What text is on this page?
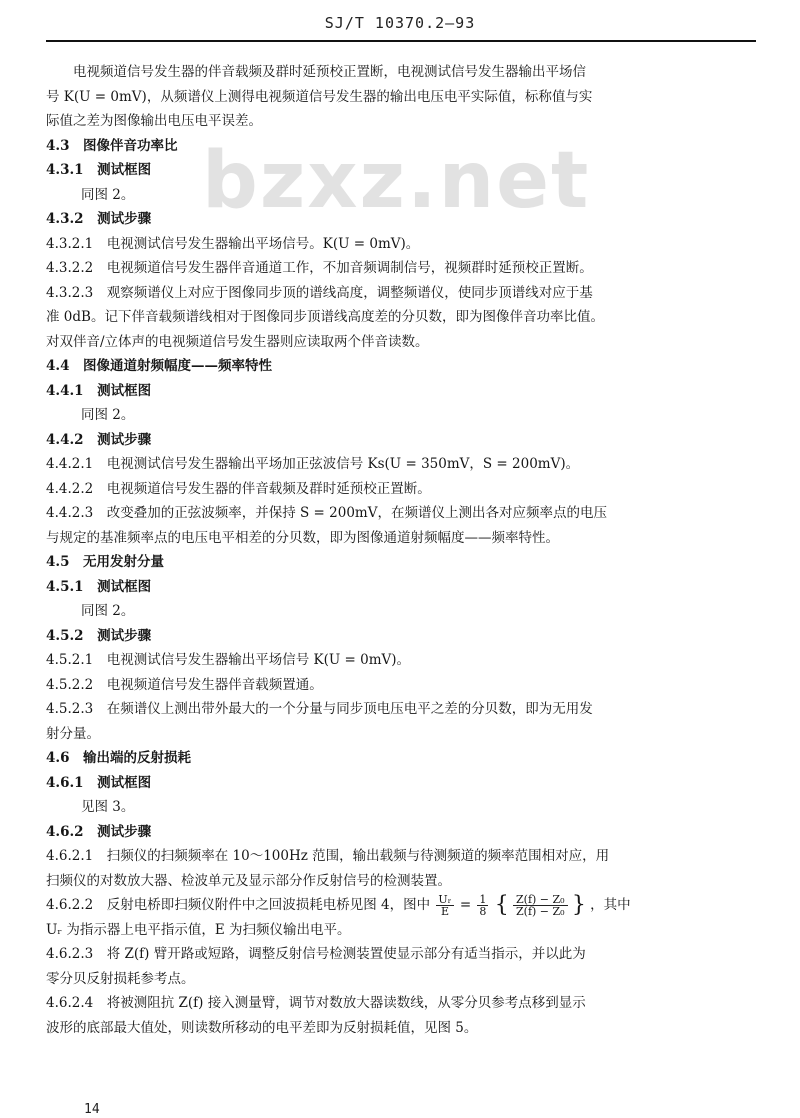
SJ/T 10370.2—93
bzxz.net

电视频道信号发生器的伴音载频及群时延预校正置断，电视测试信号发生器输出平场信

号 K(U = 0mV)，从频谱仪上测得电视频道信号发生器的输出电压电平实际值，标称值与实

际值之差为图像输出电压电平误差。

4.3　图像伴音功率比

4.3.1　测试框图

同图 2。

4.3.2　测试步骤

4.3.2.1　电视测试信号发生器输出平场信号。K(U = 0mV)。

4.3.2.2　电视频道信号发生器伴音通道工作，不加音频调制信号，视频群时延预校正置断。

4.3.2.3　观察频谱仪上对应于图像同步顶的谱线高度，调整频谱仪，使同步顶谱线对应于基

准 0dB。记下伴音载频谱线相对于图像同步顶谱线高度差的分贝数，即为图像伴音功率比值。

对双伴音/立体声的电视频道信号发生器则应读取两个伴音读数。

4.4　图像通道射频幅度——频率特性

4.4.1　测试框图

同图 2。

4.4.2　测试步骤

4.4.2.1　电视测试信号发生器输出平场加正弦波信号 Ks(U = 350mV，S = 200mV)。

4.4.2.2　电视频道信号发生器的伴音载频及群时延预校正置断。

4.4.2.3　改变叠加的正弦波频率，并保持 S = 200mV，在频谱仪上测出各对应频率点的电压

与规定的基准频率点的电压电平相差的分贝数，即为图像通道射频幅度——频率特性。

4.5　无用发射分量

4.5.1　测试框图

同图 2。

4.5.2　测试步骤

4.5.2.1　电视测试信号发生器输出平场信号 K(U = 0mV)。

4.5.2.2　电视频道信号发生器伴音载频置通。

4.5.2.3　在频谱仪上测出带外最大的一个分量与同步顶电压电平之差的分贝数，即为无用发

射分量。

4.6　输出端的反射损耗

4.6.1　测试框图

见图 3。

4.6.2　测试步骤

4.6.2.1　扫频仪的扫频频率在 10～100Hz 范围，输出载频与待测频道的频率范围相对应，用

扫频仪的对数放大器、检波单元及显示部分作反射信号的检测装置。

4.6.2.2　反射电桥即扫频仪附件中之回波损耗电桥见图 4，图中 $\frac{\text{Uᵣ}}{E} = \frac{1}{8}$ { $\frac{\text{Z(f) − Z₀}}{\text{Z(f) − Z₀}}$ } ，其中

Uᵣ 为指示器上电平指示值，E 为扫频仪输出电平。

4.6.2.3　将 Z(f) 臂开路或短路，调整反射信号检测装置使显示部分有适当指示，并以此为

零分贝反射损耗参考点。

4.6.2.4　将被测阻抗 Z(f) 接入测量臂，调节对数放大器读数线，从零分贝参考点移到显示

波形的底部最大值处，则读数所移动的电平差即为反射损耗值，见图 5。

14
